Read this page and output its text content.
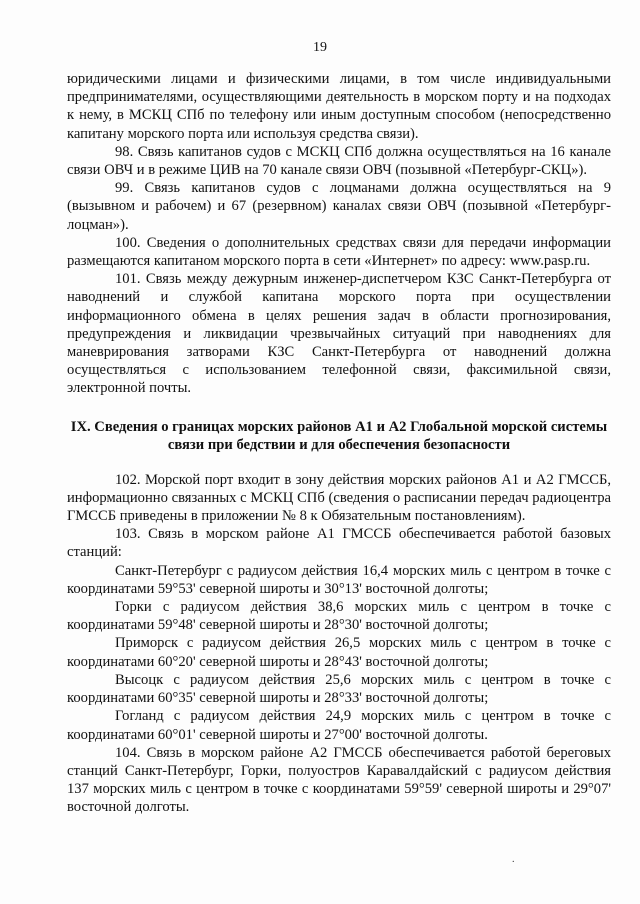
19

юридическими лицами и физическими лицами, в том числе индивидуальными предпринимателями, осуществляющими деятельность в морском порту и на подходах к нему, в МСКЦ СПб по телефону или иным доступным способом (непосредственно капитану морского порта или используя средства связи).

98. Связь капитанов судов с МСКЦ СПб должна осуществляться на 16 канале связи ОВЧ и в режиме ЦИВ на 70 канале связи ОВЧ (позывной «Петербург-СКЦ»).

99. Связь капитанов судов с лоцманами должна осуществляться на 9 (вызывном и рабочем) и 67 (резервном) каналах связи ОВЧ (позывной «Петербург-лоцман»).

100. Сведения о дополнительных средствах связи для передачи информации размещаются капитаном морского порта в сети «Интернет» по адресу: www.pasp.ru.

101. Связь между дежурным инженер-диспетчером КЗС Санкт-Петербурга от наводнений и службой капитана морского порта при осуществлении информационного обмена в целях решения задач в области прогнозирования, предупреждения и ликвидации чрезвычайных ситуаций при наводнениях для маневрирования затворами КЗС Санкт-Петербурга от наводнений должна осуществляться с использованием телефонной связи, факсимильной связи, электронной почты.

IX. Сведения о границах морских районов А1 и А2 Глобальной морской системы связи при бедствии и для обеспечения безопасности

102. Морской порт входит в зону действия морских районов А1 и А2 ГМССБ, информационно связанных с МСКЦ СПб (сведения о расписании передач радиоцентра ГМССБ приведены в приложении № 8 к Обязательным постановлениям).

103. Связь в морском районе А1 ГМССБ обеспечивается работой базовых станций:

Санкт-Петербург с радиусом действия 16,4 морских миль с центром в точке с координатами 59°53' северной широты и 30°13' восточной долготы;

Горки с радиусом действия 38,6 морских миль с центром в точке с координатами 59°48' северной широты и 28°30' восточной долготы;

Приморск с радиусом действия 26,5 морских миль с центром в точке с координатами 60°20' северной широты и 28°43' восточной долготы;

Высоцк с радиусом действия 25,6 морских миль с центром в точке с координатами 60°35' северной широты и 28°33' восточной долготы;

Гогланд с радиусом действия 24,9 морских миль с центром в точке с координатами 60°01' северной широты и 27°00' восточной долготы.

104. Связь в морском районе А2 ГМССБ обеспечивается работой береговых станций Санкт-Петербург, Горки, полуостров Каравалдайский с радиусом действия 137 морских миль с центром в точке с координатами 59°59' северной широты и 29°07' восточной долготы.

.
